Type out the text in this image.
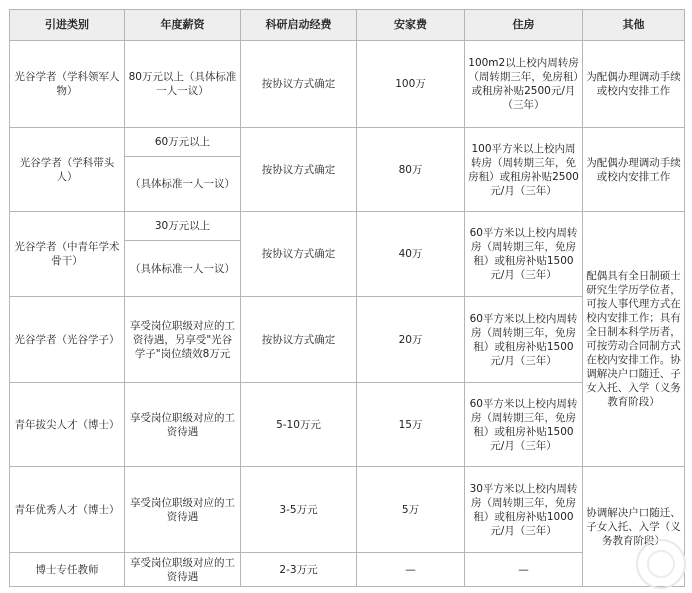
引进类别	年度薪资	科研启动经费	安家费	住房	其他
光谷学者（学科领军人物）	80万元以上（具体标准一人一议）	按协议方式确定	100万	100m2以上校内周转房（周转期三年，免房租）或租房补贴2500元/月（三年）	为配偶办理调动手续或校内安排工作
光谷学者（学科带头人）	60万元以上	按协议方式确定	80万	100平方米以上校内周转房（周转期三年，免房租）或租房补贴2500元/月（三年）	为配偶办理调动手续或校内安排工作
	（具体标准一人一议）				
光谷学者（中青年学术骨干）	30万元以上	按协议方式确定	40万	60平方米以上校内周转房（周转期三年，免房租）或租房补贴1500元/月（三年）	配偶具有全日制硕士研究生学历学位者，可按人事代理方式在校内安排工作；具有全日制本科学历者，可按劳动合同制方式在校内安排工作。协调解决户口随迁、子女入托、入学（义务教育阶段）
	（具体标准一人一议）				
光谷学者（光谷学子）	享受岗位职级对应的工资待遇，另享受"光谷学子"岗位绩效8万元	按协议方式确定	20万	60平方米以上校内周转房（周转期三年，免房租）或租房补贴1500元/月（三年）	
青年拔尖人才（博士）	享受岗位职级对应的工资待遇	5-10万元	15万	60平方米以上校内周转房（周转期三年，免房租）或租房补贴1500元/月（三年）	
青年优秀人才（博士）	享受岗位职级对应的工资待遇	3-5万元	5万	30平方米以上校内周转房（周转期三年，免房租）或租房补贴1000元/月（三年）	协调解决户口随迁、子女入托、入学（义务教育阶段）
博士专任教师	享受岗位职级对应的工资待遇	2-3万元	—	—	
